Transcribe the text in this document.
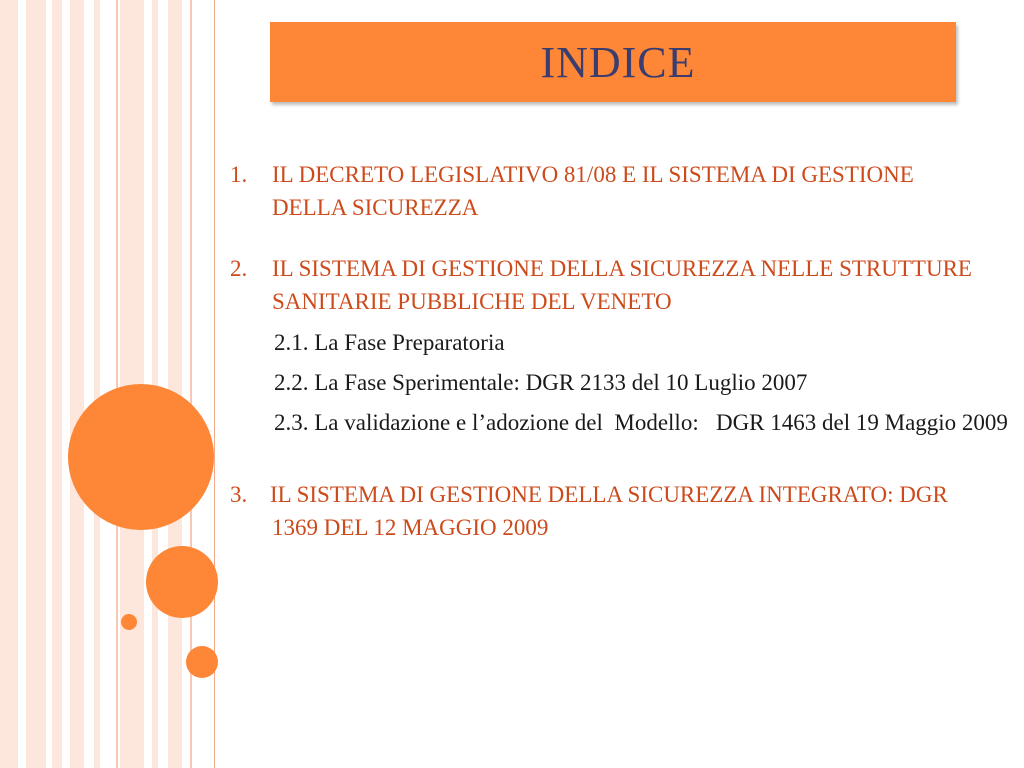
INDICE
1. IL DECRETO LEGISLATIVO 81/08 E IL SISTEMA DI GESTIONE DELLA SICUREZZA
2. IL SISTEMA DI GESTIONE DELLA SICUREZZA NELLE STRUTTURE SANITARIE PUBBLICHE DEL VENETO
2.1. La Fase Preparatoria
2.2. La Fase Sperimentale: DGR 2133 del 10 Luglio 2007
2.3. La validazione e l’adozione del  Modello:   DGR 1463 del 19 Maggio 2009
3. IL SISTEMA DI GESTIONE DELLA SICUREZZA INTEGRATO: DGR 1369 DEL 12 MAGGIO 2009
